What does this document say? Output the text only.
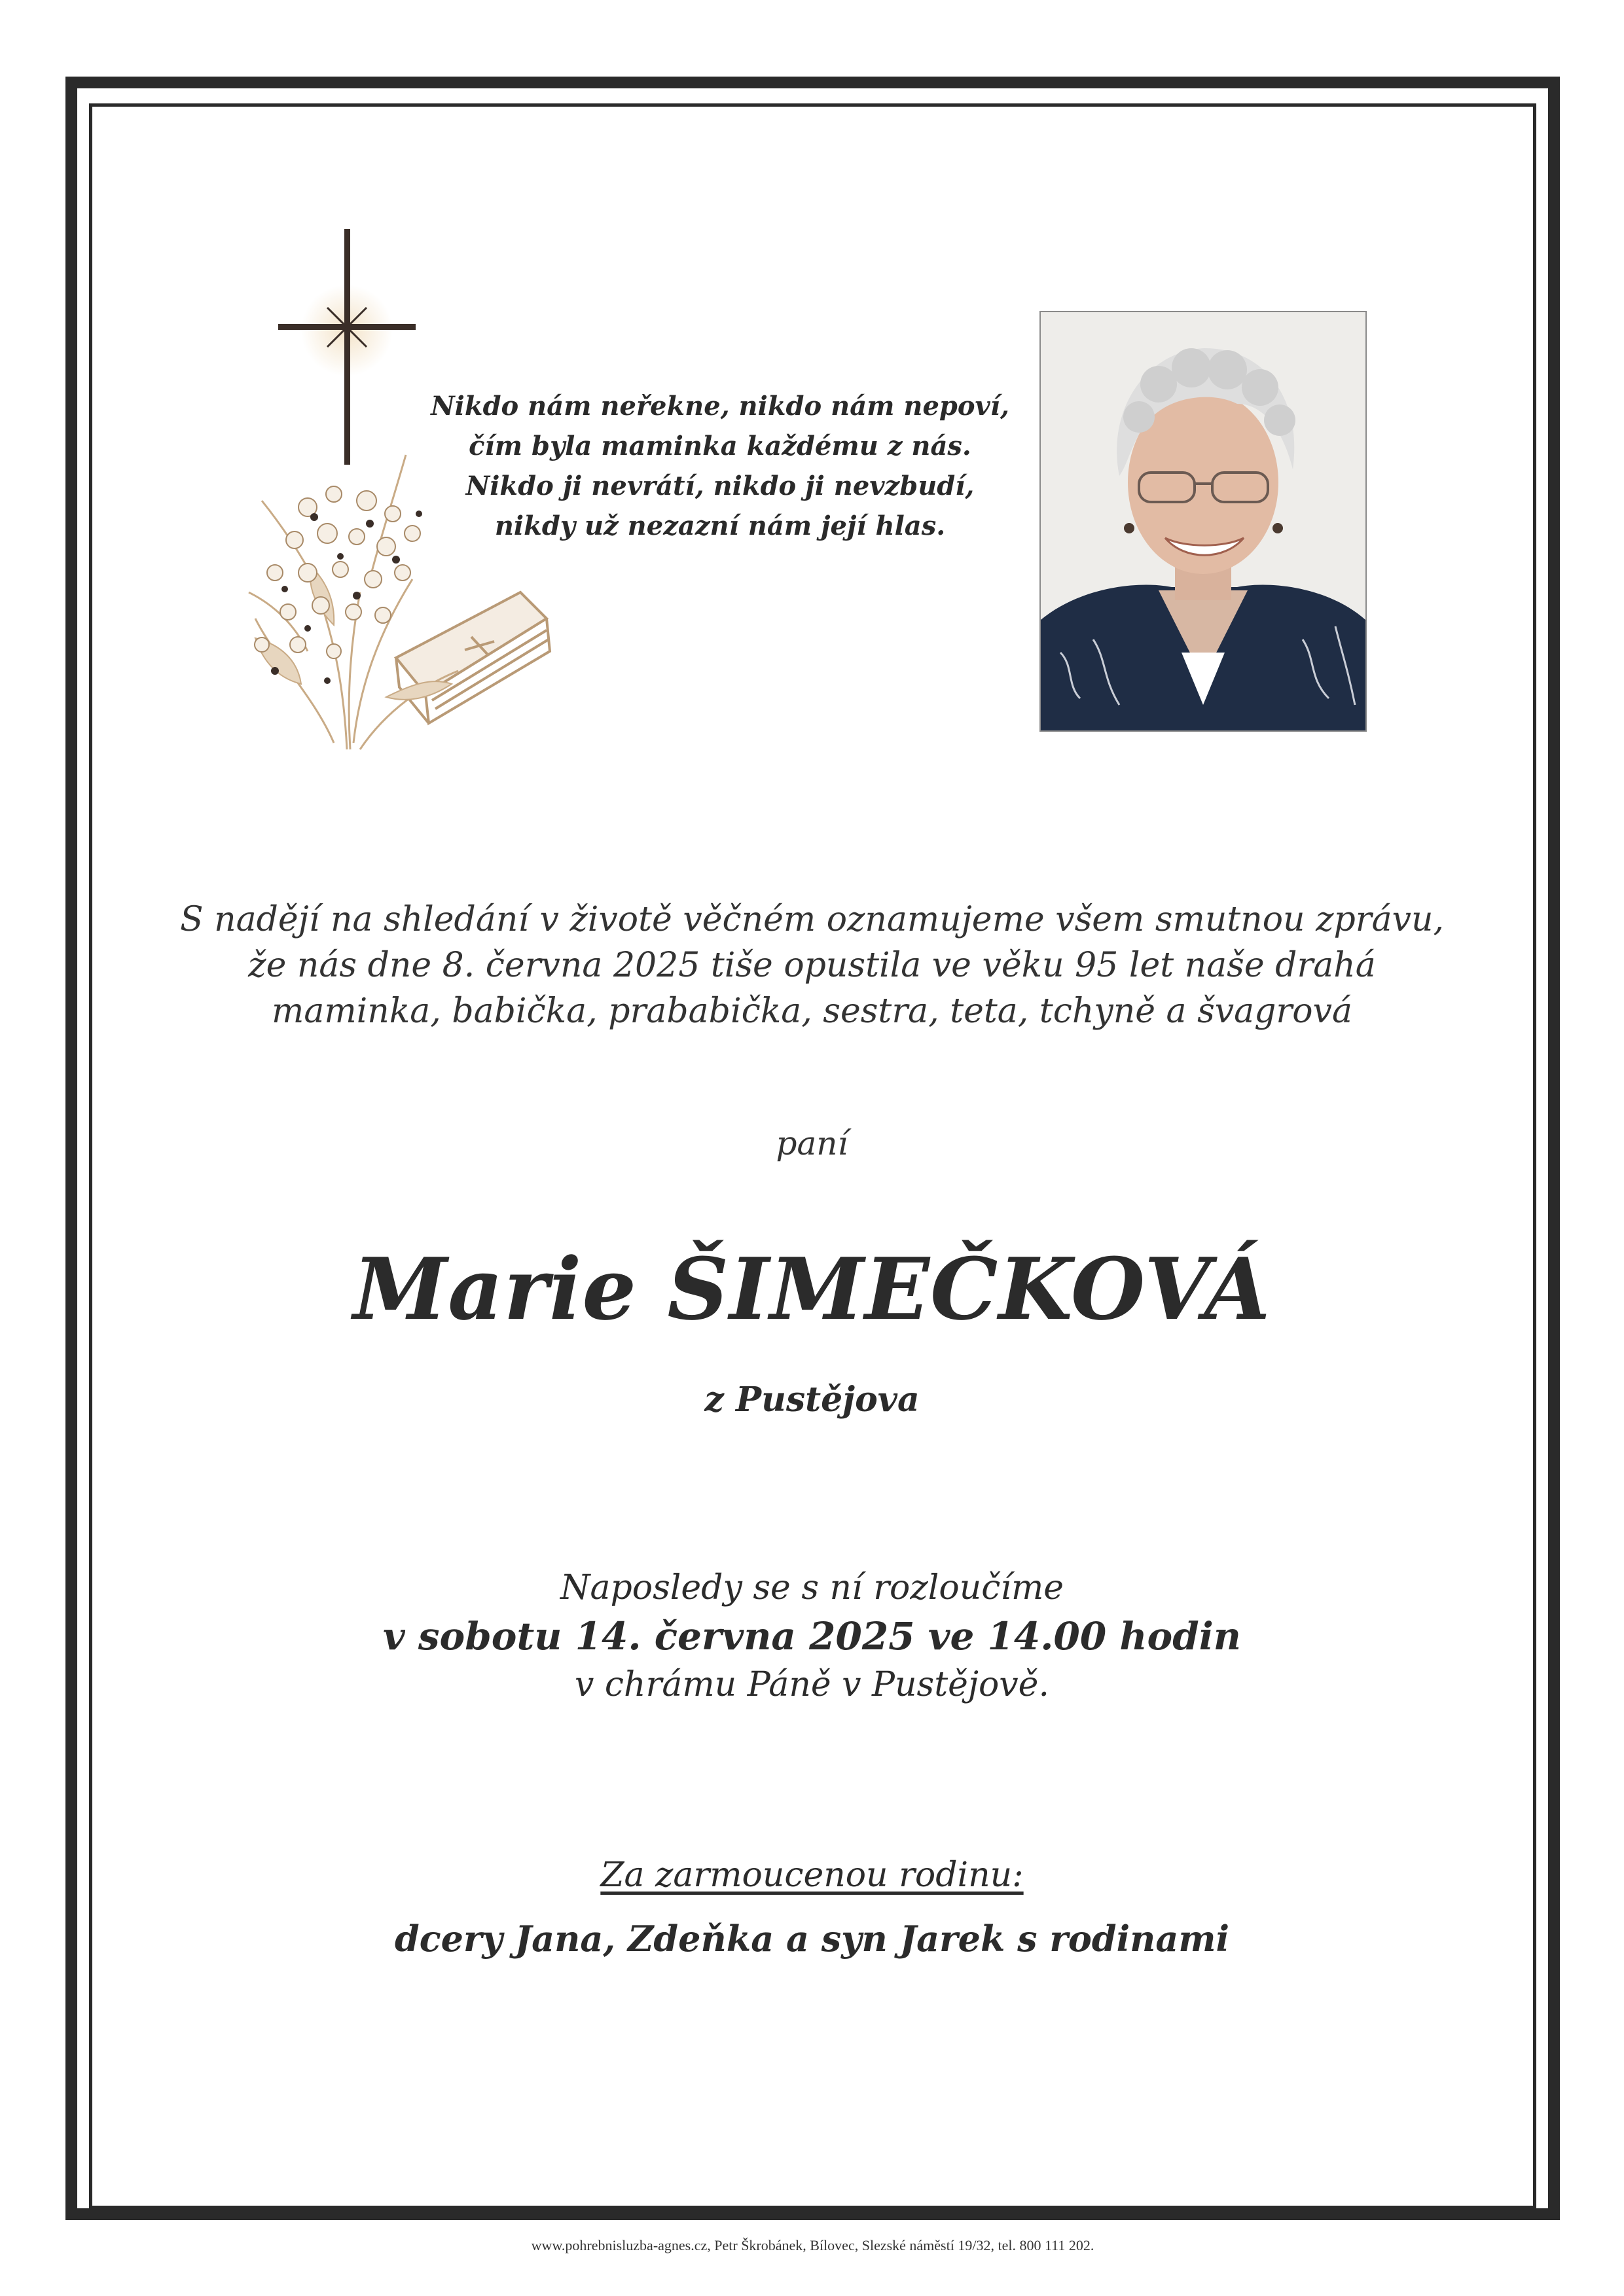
Nikdo nám neřekne, nikdo nám nepoví,
čím byla maminka každému z nás.
Nikdo ji nevrátí, nikdo ji nevzbudí,
nikdy už nezazní nám její hlas.
S nadějí na shledání v životě věčném oznamujeme všem smutnou zprávu,
že nás dne 8. června 2025 tiše opustila ve věku 95 let naše drahá
maminka, babička, prababička, sestra, teta, tchyně a švagrová
paní
Marie ŠIMEČKOVÁ
z Pustějova
Naposledy se s ní rozloučíme
v sobotu 14. června 2025 ve 14.00 hodin
v chrámu Páně v Pustějově.
Za zarmoucenou rodinu:
dcery Jana, Zdeňka a syn Jarek s rodinami
www.pohrebnisluzba-agnes.cz, Petr Škrobánek, Bílovec, Slezské náměstí 19/32, tel. 800 111 202.
